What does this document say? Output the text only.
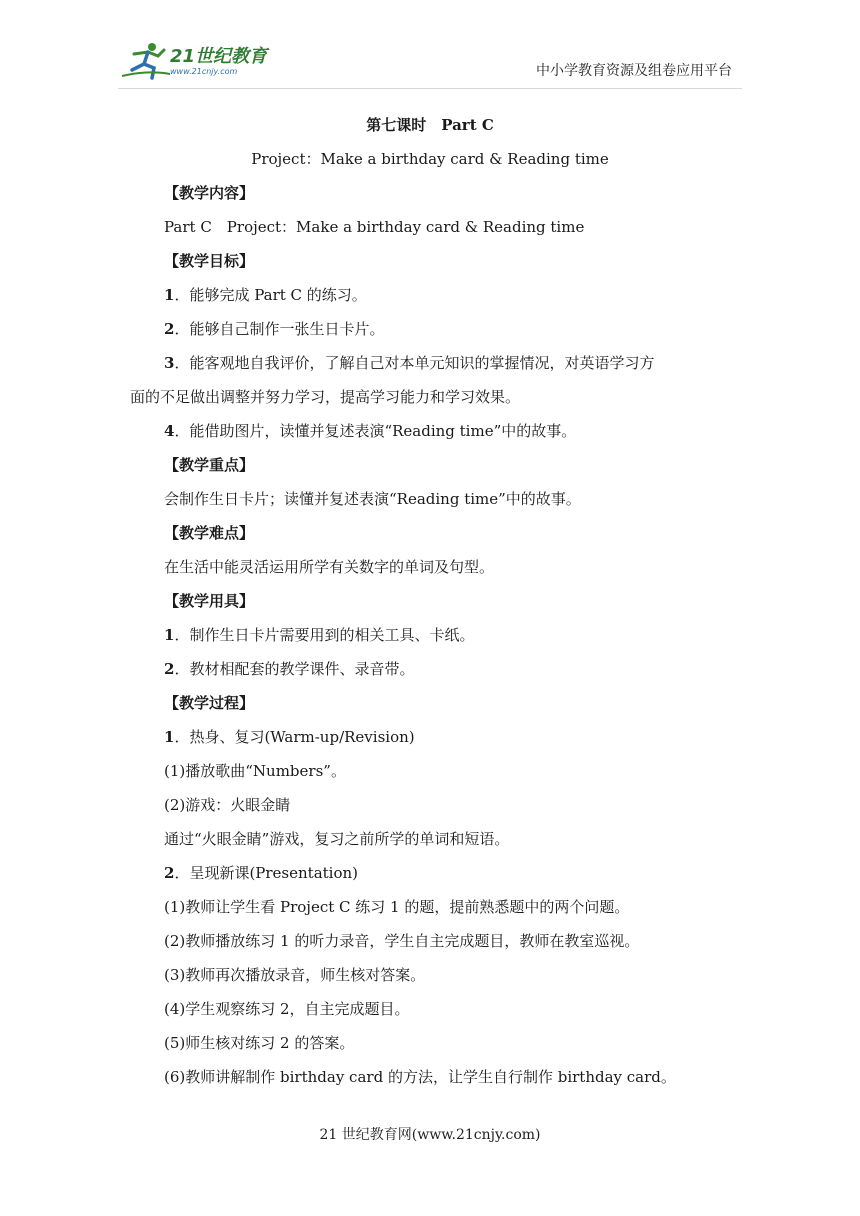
21世纪教育
www.21cnjy.com	中小学教育资源及组卷应用平台
第七课时　Part C
Project：Make a birthday card & Reading time
【教学内容】
Part C　Project：Make a birthday card & Reading time
【教学目标】
1．能够完成 Part C 的练习。
2．能够自己制作一张生日卡片。
3．能客观地自我评价，了解自己对本单元知识的掌握情况，对英语学习方
面的不足做出调整并努力学习，提高学习能力和学习效果。
4．能借助图片，读懂并复述表演“Reading time”中的故事。
【教学重点】
会制作生日卡片；读懂并复述表演“Reading time”中的故事。
【教学难点】
在生活中能灵活运用所学有关数字的单词及句型。
【教学用具】
1．制作生日卡片需要用到的相关工具、卡纸。
2．教材相配套的教学课件、录音带。
【教学过程】
1．热身、复习(Warm-up/Revision)
(1)播放歌曲“Numbers”。
(2)游戏：火眼金睛
通过“火眼金睛”游戏，复习之前所学的单词和短语。
2．呈现新课(Presentation)
(1)教师让学生看 Project C 练习 1 的题，提前熟悉题中的两个问题。
(2)教师播放练习 1 的听力录音，学生自主完成题目，教师在教室巡视。
(3)教师再次播放录音，师生核对答案。
(4)学生观察练习 2，自主完成题目。
(5)师生核对练习 2 的答案。
(6)教师讲解制作 birthday card 的方法，让学生自行制作 birthday card。
21 世纪教育网(www.21cnjy.com)
